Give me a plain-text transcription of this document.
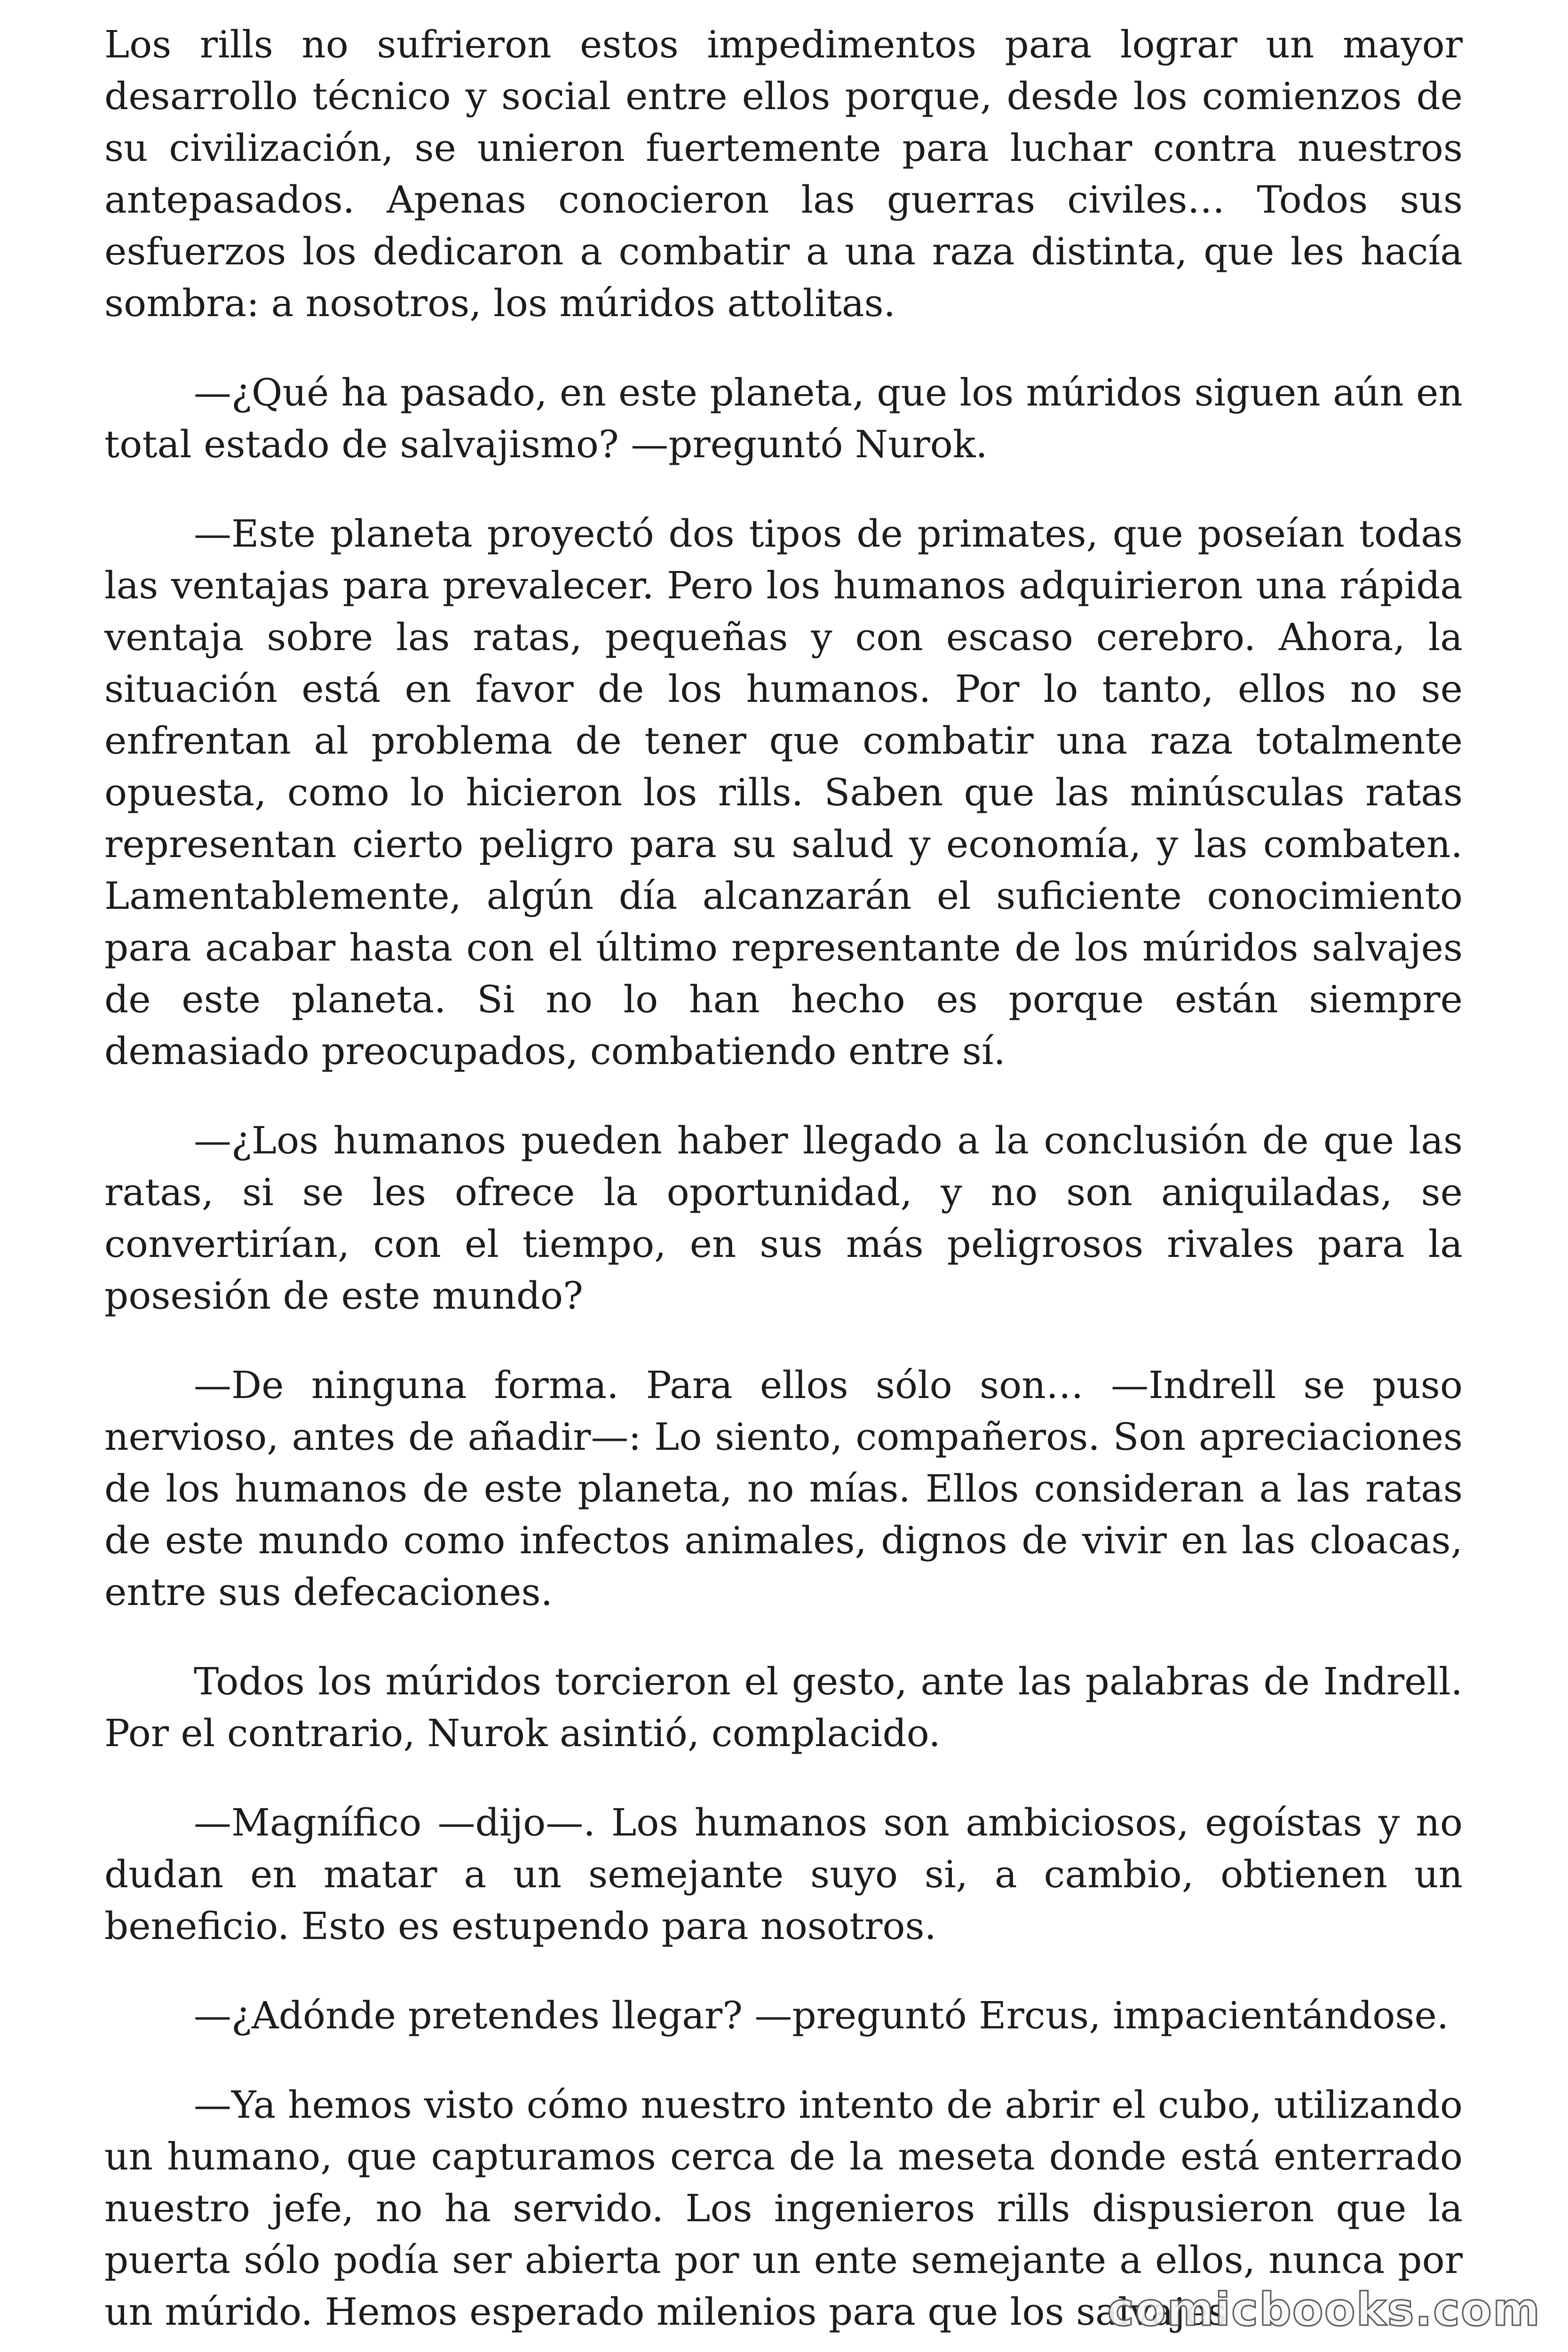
Los rills no sufrieron estos impedimentos para lograr un mayor desarrollo técnico y social entre ellos porque, desde los comienzos de su civilización, se unieron fuertemente para luchar contra nuestros antepasados. Apenas conocieron las guerras civiles… Todos sus esfuerzos los dedicaron a combatir a una raza distinta, que les hacía sombra: a nosotros, los múridos attolitas.

—¿Qué ha pasado, en este planeta, que los múridos siguen aún en total estado de salvajismo? —preguntó Nurok.

—Este planeta proyectó dos tipos de primates, que poseían todas las ventajas para prevalecer. Pero los humanos adquirieron una rápida ventaja sobre las ratas, pequeñas y con escaso cerebro. Ahora, la situación está en favor de los humanos. Por lo tanto, ellos no se enfrentan al problema de tener que combatir una raza totalmente opuesta, como lo hicieron los rills. Saben que las minúsculas ratas representan cierto peligro para su salud y economía, y las combaten. Lamentablemente, algún día alcanzarán el suficiente conocimiento para acabar hasta con el último representante de los múridos salvajes de este planeta. Si no lo han hecho es porque están siempre demasiado preocupados, combatiendo entre sí.

—¿Los humanos pueden haber llegado a la conclusión de que las ratas, si se les ofrece la oportunidad, y no son aniquiladas, se convertirían, con el tiempo, en sus más peligrosos rivales para la posesión de este mundo?

—De ninguna forma. Para ellos sólo son… —Indrell se puso nervioso, antes de añadir—: Lo siento, compañeros. Son apreciaciones de los humanos de este planeta, no mías. Ellos consideran a las ratas de este mundo como infectos animales, dignos de vivir en las cloacas, entre sus defecaciones.

Todos los múridos torcieron el gesto, ante las palabras de Indrell. Por el contrario, Nurok asintió, complacido.

—Magnífico —dijo—. Los humanos son ambiciosos, egoístas y no dudan en matar a un semejante suyo si, a cambio, obtienen un beneficio. Esto es estupendo para nosotros.

—¿Adónde pretendes llegar? —preguntó Ercus, impacientándose.

—Ya hemos visto cómo nuestro intento de abrir el cubo, utilizando un humano, que capturamos cerca de la meseta donde está enterrado nuestro jefe, no ha servido. Los ingenieros rills dispusieron que la puerta sólo podía ser abierta por un ente semejante a ellos, nunca por un múrido. Hemos esperado milenios para que los salvajes

comicbooks.com
